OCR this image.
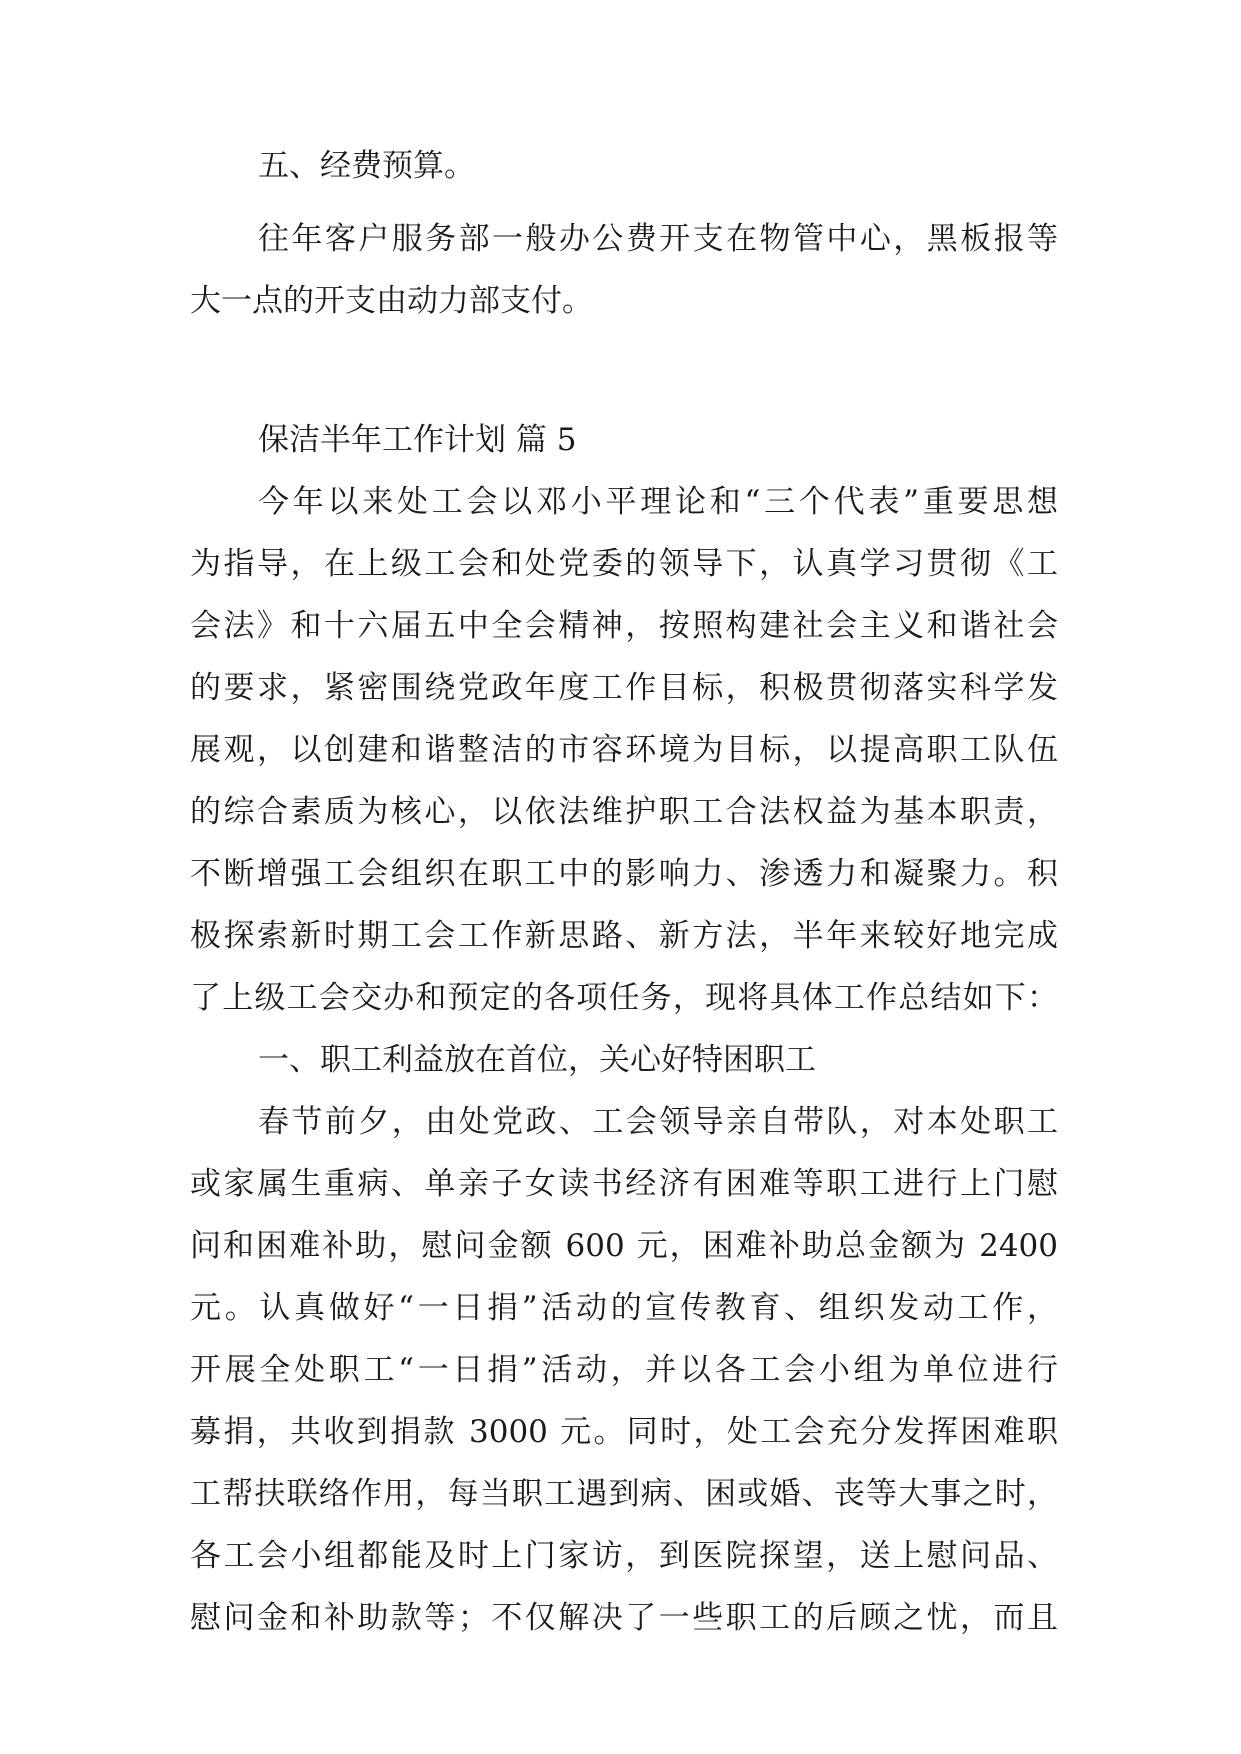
五、经费预算。
往年客户服务部一般办公费开支在物管中心，黑板报等
大一点的开支由动力部支付。
保洁半年工作计划 篇 5
今年以来处工会以邓小平理论和“三个代表”重要思想
为指导，在上级工会和处党委的领导下，认真学习贯彻《工
会法》和十六届五中全会精神，按照构建社会主义和谐社会
的要求，紧密围绕党政年度工作目标，积极贯彻落实科学发
展观，以创建和谐整洁的市容环境为目标，以提高职工队伍
的综合素质为核心，以依法维护职工合法权益为基本职责，
不断增强工会组织在职工中的影响力、渗透力和凝聚力。积
极探索新时期工会工作新思路、新方法，半年来较好地完成
了上级工会交办和预定的各项任务，现将具体工作总结如下：
一、职工利益放在首位，关心好特困职工
春节前夕，由处党政、工会领导亲自带队，对本处职工
或家属生重病、单亲子女读书经济有困难等职工进行上门慰
问和困难补助，慰问金额 600 元，困难补助总金额为 2400
元。认真做好“一日捐”活动的宣传教育、组织发动工作，
开展全处职工“一日捐”活动，并以各工会小组为单位进行
募捐，共收到捐款 3000 元。同时，处工会充分发挥困难职
工帮扶联络作用，每当职工遇到病、困或婚、丧等大事之时，
各工会小组都能及时上门家访，到医院探望，送上慰问品、
慰问金和补助款等；不仅解决了一些职工的后顾之忧，而且
